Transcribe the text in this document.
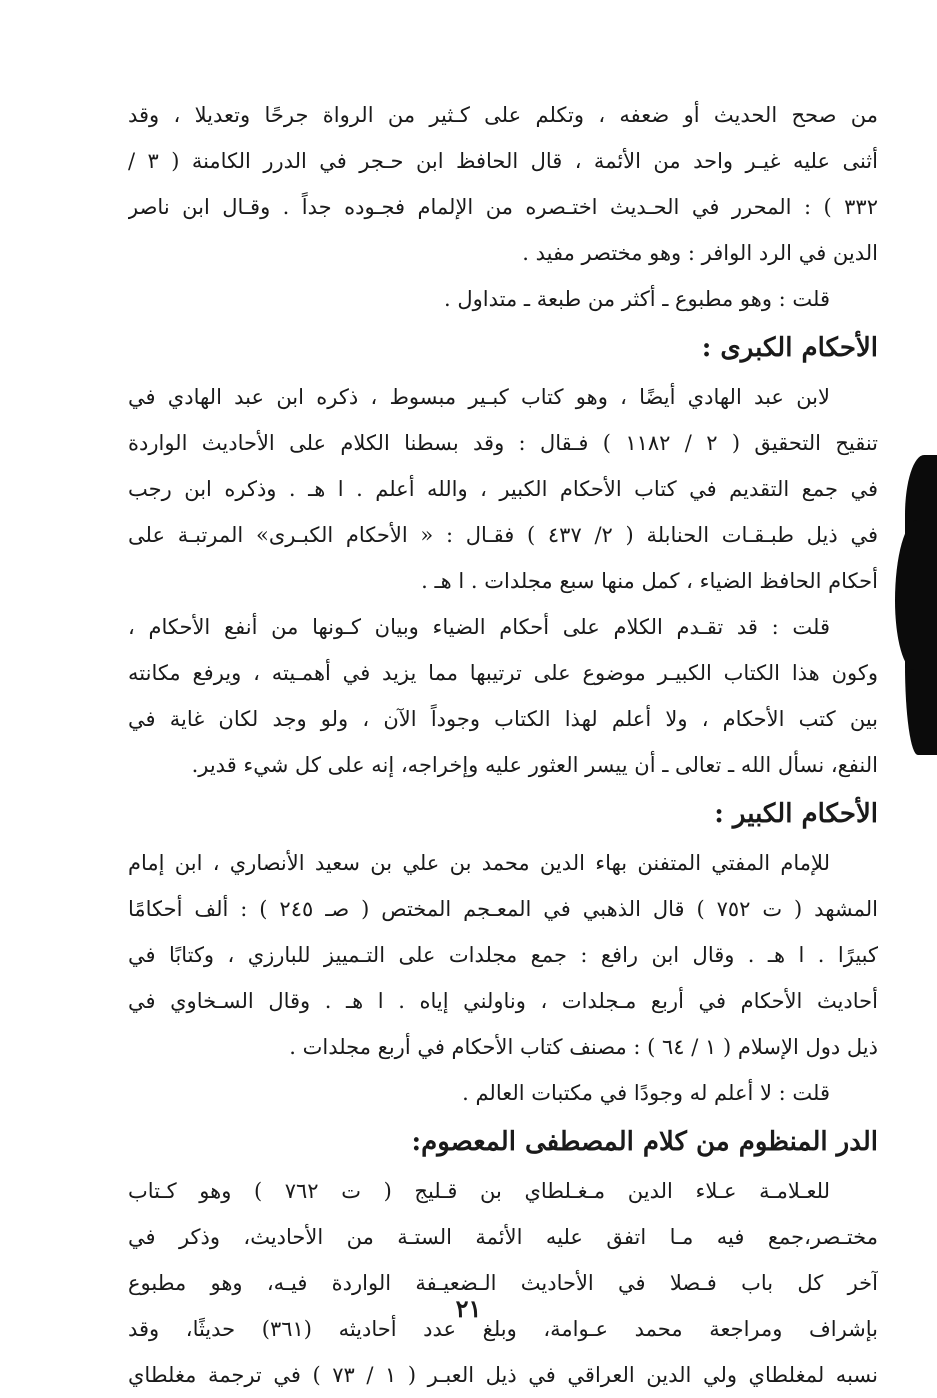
من صحح الحديث أو ضعفه ، وتكلم على كـثير من الرواة جرحًا وتعديلا ، وقد
أثنى عليه غيـر واحد من الأئمة ، قال الحافظ ابن حـجر في الدرر الكامنة ( ٣ /
٣٣٢ ) : المحرر في الحـديث اختـصره من الإلمام فجـوده جداً . وقـال ابن ناصر
الدين في الرد الوافر : وهو مختصر مفيد .
قلت : وهو مطبوع ـ أكثر من طبعة ـ متداول .
الأحكام الكبرى :
لابن عبد الهادي أيضًا ، وهو كتاب كبـير مبسوط ، ذكره ابن عبد الهادي في
تنقيح التحقيق ( ٢ / ١١٨٢ ) فـقال : وقد بسطنا الكلام على الأحاديث الواردة
في جمع التقديم في كتاب الأحكام الكبير ، والله أعلم . ا هـ . وذكره ابن رجب
في ذيل طبـقـات الحنابلة ( ٢/ ٤٣٧ ) فقـال : « الأحكام الكبـرى» المرتبـة على
أحكام الحافظ الضياء ، كمل منها سبع مجلدات . ا هـ .
قلت : قد تقـدم الكلام على أحكام الضياء وبيان كـونها من أنفع الأحكام ،
وكون هذا الكتاب الكبيـر موضوع على ترتيبها مما يزيد في أهمـيته ، ويرفع مكانته
بين كتب الأحكام ، ولا أعلم لهذا الكتاب وجوداً الآن ، ولو وجد لكان غاية في
النفع، نسأل الله ـ تعالى ـ أن ييسر العثور عليه وإخراجه، إنه على كل شيء قدير.
الأحكام الكبير :
للإمام المفتي المتفنن بهاء الدين محمد بن علي بن سعيد الأنصاري ، ابن إمام
المشهد ( ت ٧٥٢ ) قال الذهبي في المعـجم المختص ( صـ ٢٤٥ ) : ألف أحكامًا
كبيرًا . ا هـ . وقال ابن رافع : جمع مجلدات على التـمييز للبارزي ، وكتابًا في
أحاديث الأحكام في أربع مـجلدات ، وناولني إياه . ا هـ . وقال السـخاوي في
ذيل دول الإسلام ( ١ / ٦٤ ) : مصنف كتاب الأحكام في أربع مجلدات .
قلت : لا أعلم له وجودًا في مكتبات العالم .
الدر المنظوم من كلام المصطفى المعصوم:
للعـلامـة عـلاء الدين مـغـلطاي بن قـليج ( ت ٧٦٢ ) وهو كـتاب
مختـصر،جمع فيه مـا اتفق عليه الأئمة الستـة من الأحاديث، وذكر في
آخر كل باب فـصلا في الأحاديث الـضعيـفة الواردة فيـه، وهو مطبوع
بإشراف ومراجعة محمد عـوامة، وبلغ عدد أحاديثه (٣٦١) حديثًا، وقد
نسبه لمغلطاي ولي الدين العراقي في ذيل العبـر ( ١ / ٧٣ ) في ترجمة مغلطاي
٢١
